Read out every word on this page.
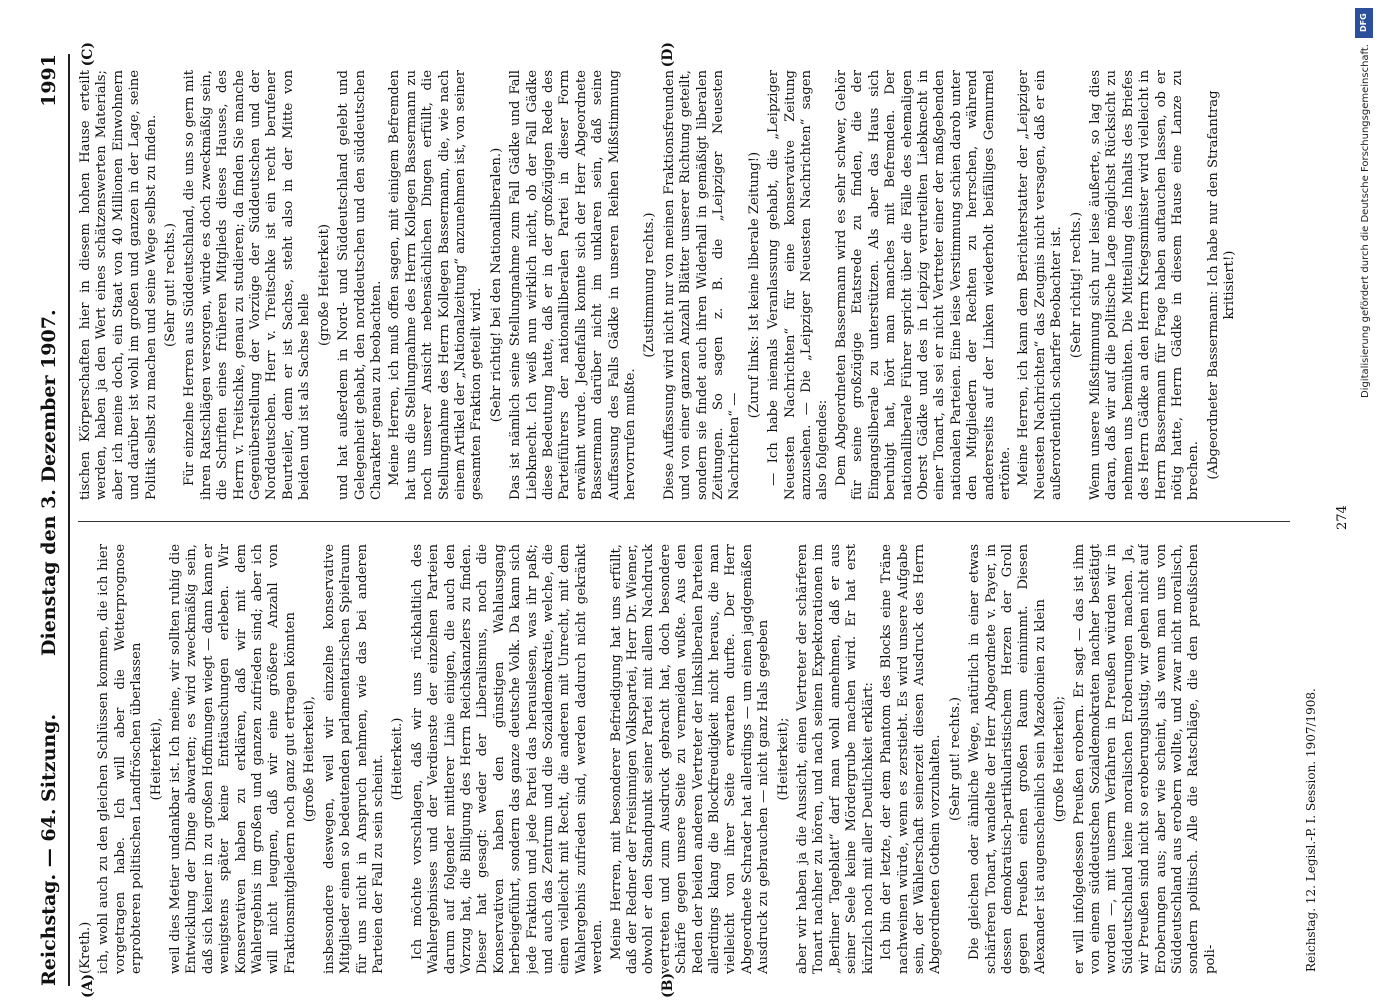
Reichstag. — 64. Sitzung.
Dienstag den 3. Dezember 1907.
1991
(A)	(B)
(C)	(D)

(Kreth.) ich, wohl auch zu den gleichen Schlüssen kommen, die ich hier vorgetragen habe. Ich will aber die Wetterprognose erprobteren politischen Landfröschen überlassen (Heiterkeit), weil dies Metier undankbar ist. Ich meine, wir sollten ruhig die Entwicklung der Dinge abwarten; es wird zweckmäßig sein, daß sich keiner in zu großen Hoffnungen wiegt — dann kann er wenigstens später keine Enttäuschungen erleben. Wir Konservativen haben zu erklären, daß wir mit dem Wahlergebnis im großen und ganzen zufrieden sind; aber ich will nicht leugnen, daß wir eine größere Anzahl von Fraktionsmitgliedern noch ganz gut ertragen könnten (große Heiterkeit), insbesondere deswegen, weil wir einzelne konservative Mitglieder einen so bedeutenden parlamentarischen Spielraum für uns nicht in Anspruch nehmen, wie das bei anderen Parteien der Fall zu sein scheint. (Heiterkeit.) Ich möchte vorschlagen, daß wir uns rückhaltlich des Wahlergebnisses und der Verdienste der einzelnen Parteien darum auf folgender mittlerer Linie einigen, die auch den Vorzug hat, die Billigung des Herrn Reichskanzlers zu finden. Dieser hat gesagt: weder der Liberalismus, noch die Konservativen haben den günstigen Wahlausgang herbeigeführt, sondern das ganze deutsche Volk. Da kann sich jede Fraktion und jede Partei das herauslesen, was ihr paßt; und auch das Zentrum und die Sozialdemokratie, welche, die einen vielleicht mit Recht, die anderen mit Unrecht, mit dem Wahlergebnis zufrieden sind, werden dadurch nicht gekränkt werden. Meine Herren, mit besonderer Befriedigung hat uns erfüllt, daß der Redner der Freisinnigen Volkspartei, Herr Dr. Wiemer, obwohl er den Standpunkt seiner Partei mit allem Nachdruck vertreten und zum Ausdruck gebracht hat, doch besondere Schärfe gegen unsere Seite zu vermeiden wußte. Aus den Reden der beiden anderen Vertreter der linksliberalen Parteien allerdings klang die Blockfreudigkeit nicht heraus, die man vielleicht von ihrer Seite erwarten durfte. Der Herr Abgeordnete Schrader hat allerdings — um einen jagdgemäßen Ausdruck zu gebrauchen — nicht ganz Hals gegeben (Heiterkeit); aber wir haben ja die Aussicht, einen Vertreter der schärferen Tonart nachher zu hören, und nach seinen Expektorationen im „Berliner Tageblatt“ darf man wohl annehmen, daß er aus seiner Seele keine Mördergrube machen wird. Er hat erst kürzlich noch mit aller Deutlichkeit erklärt: Ich bin der letzte, der dem Phantom des Blocks eine Träne nachweinen würde, wenn es zerstiebt. Es wird unsere Aufgabe sein, der Wählerschaft seinerzeit diesen Ausdruck des Herrn Abgeordneten Gothein vorzuhalten. (Sehr gut! rechts.) Die gleichen oder ähnliche Wege, natürlich in einer etwas schärferen Tonart, wandelte der Herr Abgeordnete v. Payer, in dessen demokratisch-partikularistischem Herzen der Groll gegen Preußen einen großen Raum einnimmt. Diesen Alexander ist augenscheinlich sein Mazedonien zu klein (große Heiterkeit); er will infolgedessen Preußen erobern. Er sagt — das ist ihm von einem süddeutschen Sozialdemokraten nachher bestätigt worden —, mit unserm Verfahren in Preußen würden wir in Süddeutschland keine moralischen Eroberungen machen. Ja, wir Preußen sind nicht so eroberungslustig, wir gehen nicht auf Eroberungen aus; aber wie scheint, als wenn man uns von Süddeutschland aus erobern wollte, und zwar nicht moralisch, sondern politisch. Alle die Ratschläge, die den preußischen poli-

tischen Körperschaften hier in diesem hohen Hause erteilt werden, haben ja den Wert eines schätzenswerten Materials; aber ich meine doch, ein Staat von 40 Millionen Einwohnern und darüber ist wohl im großen und ganzen in der Lage, seine Politik selbst zu machen und seine Wege selbst zu finden. (Sehr gut! rechts.) Für einzelne Herren aus Süddeutschland, die uns so gern mit ihren Ratschlägen versorgen, würde es doch zweckmäßig sein, die Schriften eines früheren Mitglieds dieses Hauses, des Herrn v. Treitschke, genau zu studieren; da finden Sie manche Gegenüberstellung der Vorzüge der Süddeutschen und der Norddeutschen. Herr v. Treitschke ist ein recht berufener Beurteiler, denn er ist Sachse, steht also in der Mitte von beiden und ist als Sachse helle

(große Heiterkeit) und hat außerdem in Nord- und Süddeutschland gelebt und Gelegenheit gehabt, den norddeutschen und den süddeutschen Charakter genau zu beobachten. Meine Herren, ich muß offen sagen, mit einigem Befremden hat uns die Stellungnahme des Herrn Kollegen Bassermann zu noch unserer Ansicht nebensächlichen Dingen erfüllt, die Stellungnahme des Herrn Kollegen Bassermann, die, wie nach einem Artikel der „Nationalzeitung“ anzunehmen ist, von seiner gesamten Fraktion geteilt wird. (Sehr richtig! bei den Nationalliberalen.) Das ist nämlich seine Stellungnahme zum Fall Gädke und Fall Liebknecht. Ich weiß nun wirklich nicht, ob der Fall Gädke diese Bedeutung hatte, daß er in der großzügigen Rede des Parteiführers der nationalliberalen Partei in dieser Form erwähnt wurde. Jedenfalls konnte sich der Herr Abgeordnete Bassermann darüber nicht im unklaren sein, daß seine Auffassung des Falls Gädke in unseren Reihen Mißstimmung hervorrufen mußte.

(Zustimmung rechts.) Diese Auffassung wird nicht nur von meinen Fraktionsfreunden und von einer ganzen Anzahl Blätter unserer Richtung geteilt, sondern sie findet auch ihren Widerhall in gemäßigt liberalen Zeitungen. So sagen z. B. die „Leipziger Neuesten Nachrichten“ —

(Zuruf links: Ist keine liberale Zeitung!) — Ich habe niemals Veranlassung gehabt, die „Leipziger Neuesten Nachrichten“ für eine konservative Zeitung anzusehen. — Die „Leipziger Neuesten Nachrichten“ sagen also folgendes: Dem Abgeordneten Bassermann wird es sehr schwer, Gehör für seine großzügige Etatsrede zu finden, die der Eingangsliberale zu unterstützen. Als aber das Haus sich beruhigt hat, hört man manches mit Befremden. Der nationalliberale Führer spricht über die Fälle des ehemaligen Oberst Gädke und des in Leipzig verurteilten Liebknecht in einer Tonart, als sei er nicht Vertreter einer der maßgebenden nationalen Parteien. Eine leise Verstimmung schien darob unter den Mitgliedern der Rechten zu herrschen, während andererseits auf der Linken wiederholt beifälliges Gemurmel ertönte. Meine Herren, ich kann dem Berichterstatter der „Leipziger Neuesten Nachrichten“ das Zeugnis nicht versagen, daß er ein außerordentlich scharfer Beobachter ist. (Sehr richtig! rechts.) Wenn unsere Mißstimmung sich nur leise äußerte, so lag dies daran, daß wir auf die politische Lage möglichst Rücksicht zu nehmen uns bemühten. Die Mitteilung des Inhalts des Briefes des Herrn Gädke an den Herrn Kriegsminister wird vielleicht in Herrn Bassermann für Frage haben auftauchen lassen, ob er nötig hatte, Herrn Gädke in diesem Hause eine Lanze zu brechen. (Abgeordneter Bassermann: Ich habe nur den Strafantrag kritisiert!)

Reichstag. 12. Legisl.-P. I. Session. 1907/1908.
274
DFG
Digitalisierung gefördert durch die Deutsche Forschungsgemeinschaft.
